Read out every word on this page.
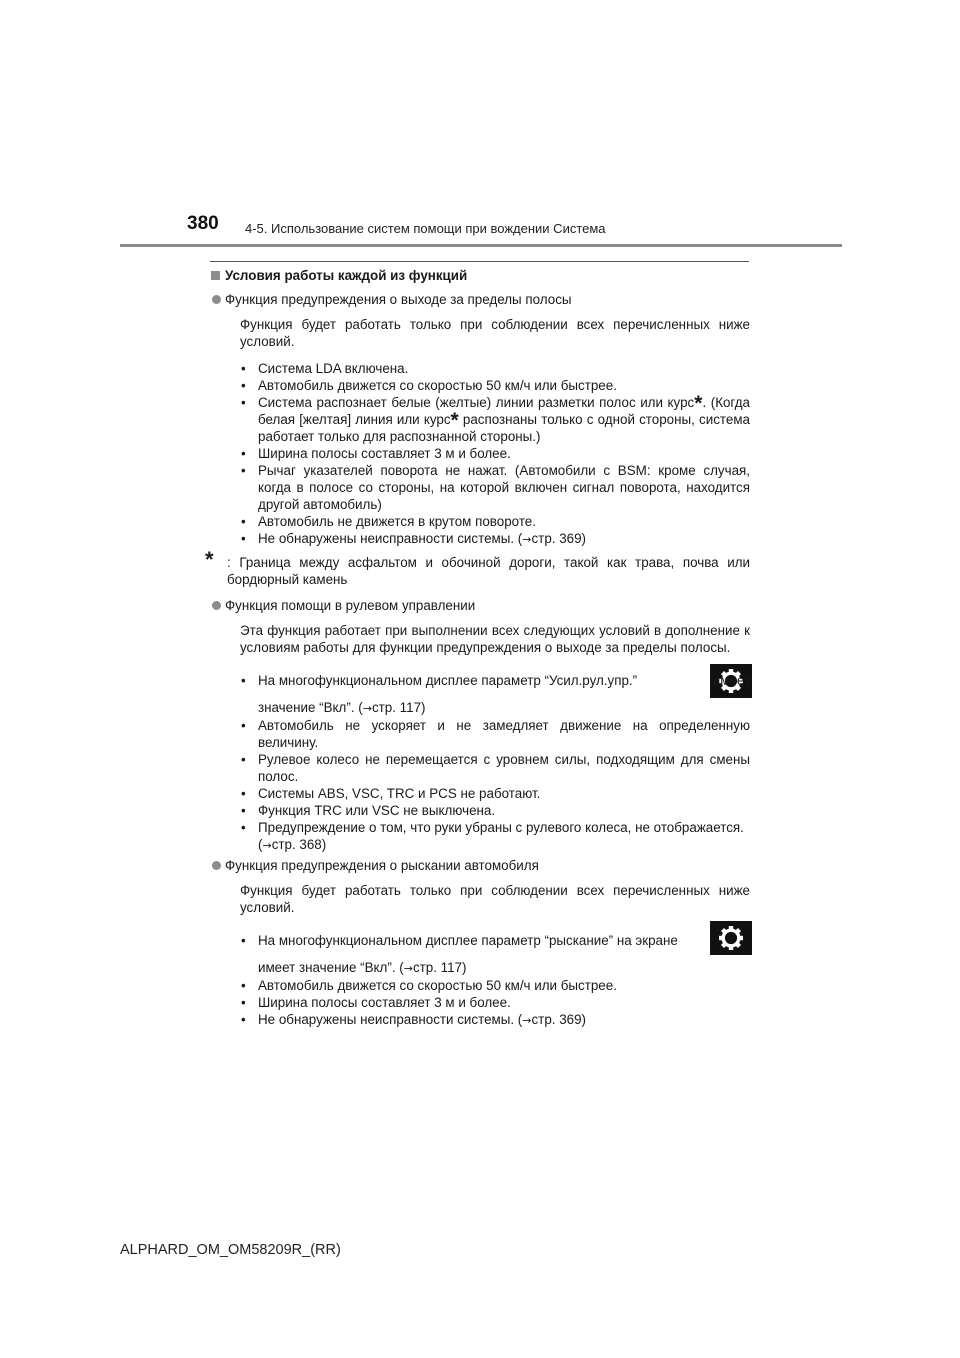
380 4-5. Использование систем помощи при вождении Система
Условия работы каждой из функций
Функция предупреждения о выходе за пределы полосы
Функция будет работать только при соблюдении всех перечисленных ниже условий.
• Система LDA включена.
• Автомобиль движется со скоростью 50 км/ч или быстрее.
• Система распознает белые (желтые) линии разметки полос или курс*. (Когда белая [желтая] линия или курс* распознаны только с одной стороны, система работает только для распознанной стороны.)
• Ширина полосы составляет 3 м и более.
• Рычаг указателей поворота не нажат. (Автомобили с BSM: кроме случая, когда в полосе со стороны, на которой включен сигнал поворота, находится другой автомобиль)
• Автомобиль не движется в крутом повороте.
• Не обнаружены неисправности системы. (→стр. 369)
* : Граница между асфальтом и обочиной дороги, такой как трава, почва или бордюрный камень
Функция помощи в рулевом управлении
Эта функция работает при выполнении всех следующих условий в дополнение к условиям работы для функции предупреждения о выходе за пределы полосы.
• На многофункциональном дисплее параметр “Усил.рул.упр.”	имеет
значение “Вкл”. (→стр. 117)
• Автомобиль не ускоряет и не замедляет движение на определенную величину.
• Рулевое колесо не перемещается с уровнем силы, подходящим для смены полос.
• Системы ABS, VSC, TRC и PCS не работают.
• Функция TRC или VSC не выключена.
• Предупреждение о том, что руки убраны с рулевого колеса, не отображается.
(→стр. 368)
Функция предупреждения о рыскании автомобиля
Функция будет работать только при соблюдении всех перечисленных ниже условий.
• На многофункциональном дисплее параметр “рыскание” на экране
имеет значение “Вкл”. (→стр. 117)
• Автомобиль движется со скоростью 50 км/ч или быстрее.
• Ширина полосы составляет 3 м и более.
• Не обнаружены неисправности системы. (→стр. 369)
ALPHARD_OM_OM58209R_(RR)
